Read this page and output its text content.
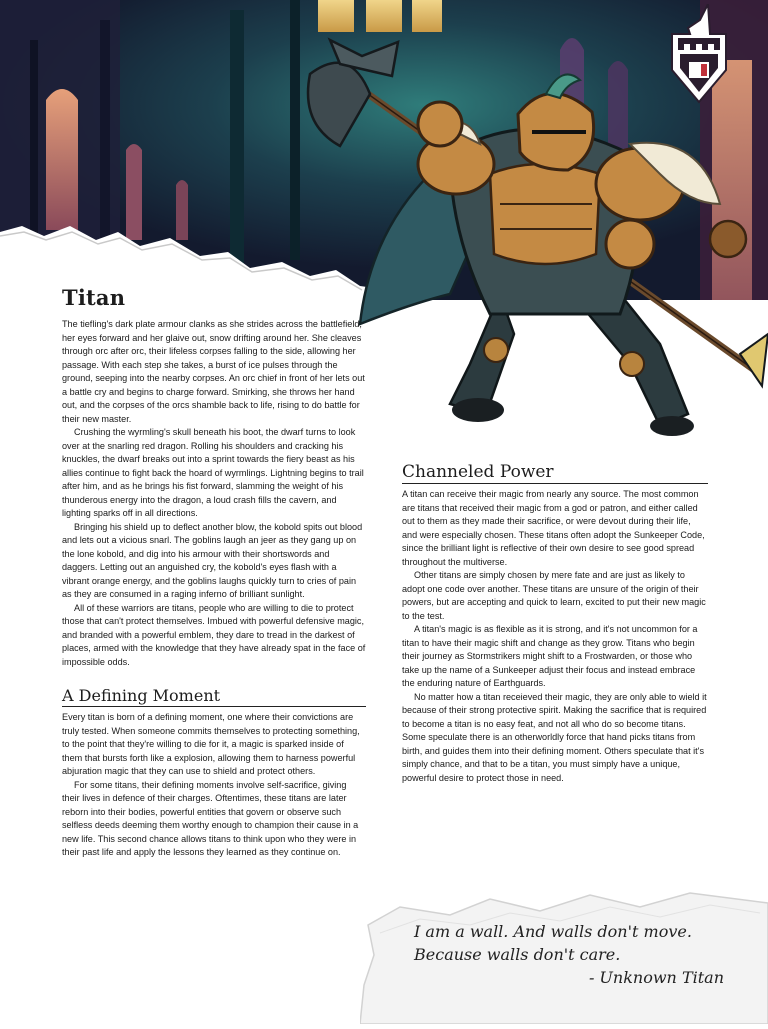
Titan

The tiefling's dark plate armour clanks as she strides across the battlefield, her eyes forward and her glaive out, snow drifting around her. She cleaves through orc after orc, their lifeless corpses falling to the side, allowing her passage. With each step she takes, a burst of ice pulses through the ground, seeping into the nearby corpses. An orc chief in front of her lets out a battle cry and begins to charge forward. Smirking, she throws her hand out, and the corpses of the orcs shamble back to life, rising to do battle for their new master.

Crushing the wyrmling's skull beneath his boot, the dwarf turns to look over at the snarling red dragon. Rolling his shoulders and cracking his knuckles, the dwarf breaks out into a sprint towards the fiery beast as his allies continue to fight back the hoard of wyrmlings. Lightning begins to trail after him, and as he brings his fist forward, slamming the weight of his thunderous energy into the dragon, a loud crash fills the cavern, and lighting sparks off in all directions.

Bringing his shield up to deflect another blow, the kobold spits out blood and lets out a vicious snarl. The goblins laugh an jeer as they gang up on the lone kobold, and dig into his armour with their shortswords and daggers. Letting out an anguished cry, the kobold's eyes flash with a vibrant orange energy, and the goblins laughs quickly turn to cries of pain as they are consumed in a raging inferno of brilliant sunlight.

All of these warriors are titans, people who are willing to die to protect those that can't protect themselves. Imbued with powerful defensive magic, and branded with a powerful emblem, they dare to tread in the darkest of places, armed with the knowledge that they have already spat in the face of impossible odds.

A Defining Moment

Every titan is born of a defining moment, one where their convictions are truly tested. When someone commits themselves to protecting something, to the point that they're willing to die for it, a magic is sparked inside of them that bursts forth like a explosion, allowing them to harness powerful abjuration magic that they can use to shield and protect others.

For some titans, their defining moments involve self-sacrifice, giving their lives in defence of their charges. Oftentimes, these titans are later reborn into their bodies, powerful entities that govern or observe such selfless deeds deeming them worthy enough to champion their cause in a new life. This second chance allows titans to think upon who they were in their past life and apply the lessons they learned as they continue on.

Channeled Power

A titan can receive their magic from nearly any source. The most common are titans that received their magic from a god or patron, and either called out to them as they made their sacrifice, or were devout during their life, and were especially chosen. These titans often adopt the Sunkeeper Code, since the brilliant light is reflective of their own desire to see good spread throughout the multiverse.

Other titans are simply chosen by mere fate and are just as likely to adopt one code over another. These titans are unsure of the origin of their powers, but are accepting and quick to learn, excited to put their new magic to the test.

A titan's magic is as flexible as it is strong, and it's not uncommon for a titan to have their magic shift and change as they grow. Titans who begin their journey as Stormstrikers might shift to a Frostwarden, or those who take up the name of a Sunkeeper adjust their focus and instead embrace the enduring nature of Earthguards.

No matter how a titan receieved their magic, they are only able to wield it because of their strong protective spirit. Making the sacrifice that is required to become a titan is no easy feat, and not all who do so become titans. Some speculate there is an otherworldly force that hand picks titans from birth, and guides them into their defining moment. Others speculate that it's simply chance, and that to be a titan, you must simply have a unique, powerful desire to protect those in need.

I am a wall. And walls don't move.
Because walls don't care.
- Unknown Titan
